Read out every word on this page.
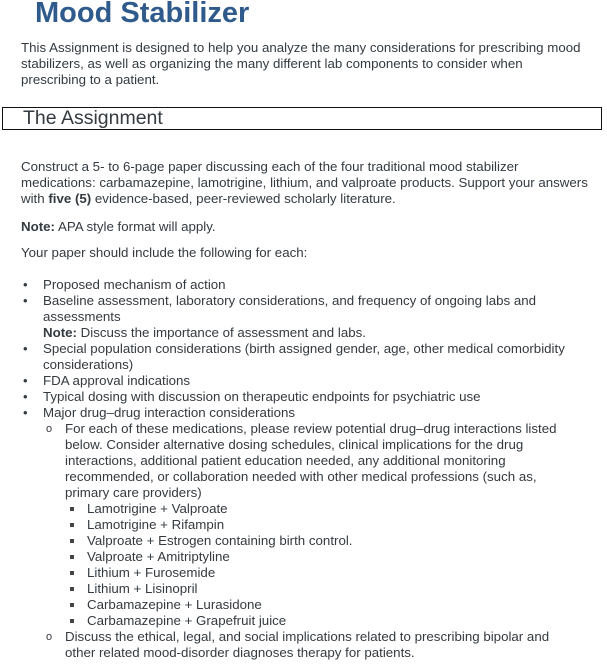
Mood Stabilizer

This Assignment is designed to help you analyze the many considerations for prescribing mood stabilizers, as well as organizing the many different lab components to consider when prescribing to a patient.

The Assignment

Construct a 5- to 6-page paper discussing each of the four traditional mood stabilizer medications: carbamazepine, lamotrigine, lithium, and valproate products. Support your answers with five (5) evidence-based, peer-reviewed scholarly literature.

Note: APA style format will apply.

Your paper should include the following for each:

• Proposed mechanism of action
• Baseline assessment, laboratory considerations, and frequency of ongoing labs and assessments
Note: Discuss the importance of assessment and labs.
• Special population considerations (birth assigned gender, age, other medical comorbidity considerations)
• FDA approval indications
• Typical dosing with discussion on therapeutic endpoints for psychiatric use
• Major drug–drug interaction considerations
o For each of these medications, please review potential drug–drug interactions listed below. Consider alternative dosing schedules, clinical implications for the drug interactions, additional patient education needed, any additional monitoring recommended, or collaboration needed with other medical professions (such as, primary care providers)
Lamotrigine + Valproate
Lamotrigine + Rifampin
Valproate + Estrogen containing birth control.
Valproate + Amitriptyline
Lithium + Furosemide
Lithium + Lisinopril
Carbamazepine + Lurasidone
Carbamazepine + Grapefruit juice
o Discuss the ethical, legal, and social implications related to prescribing bipolar and other related mood-disorder diagnoses therapy for patients.
